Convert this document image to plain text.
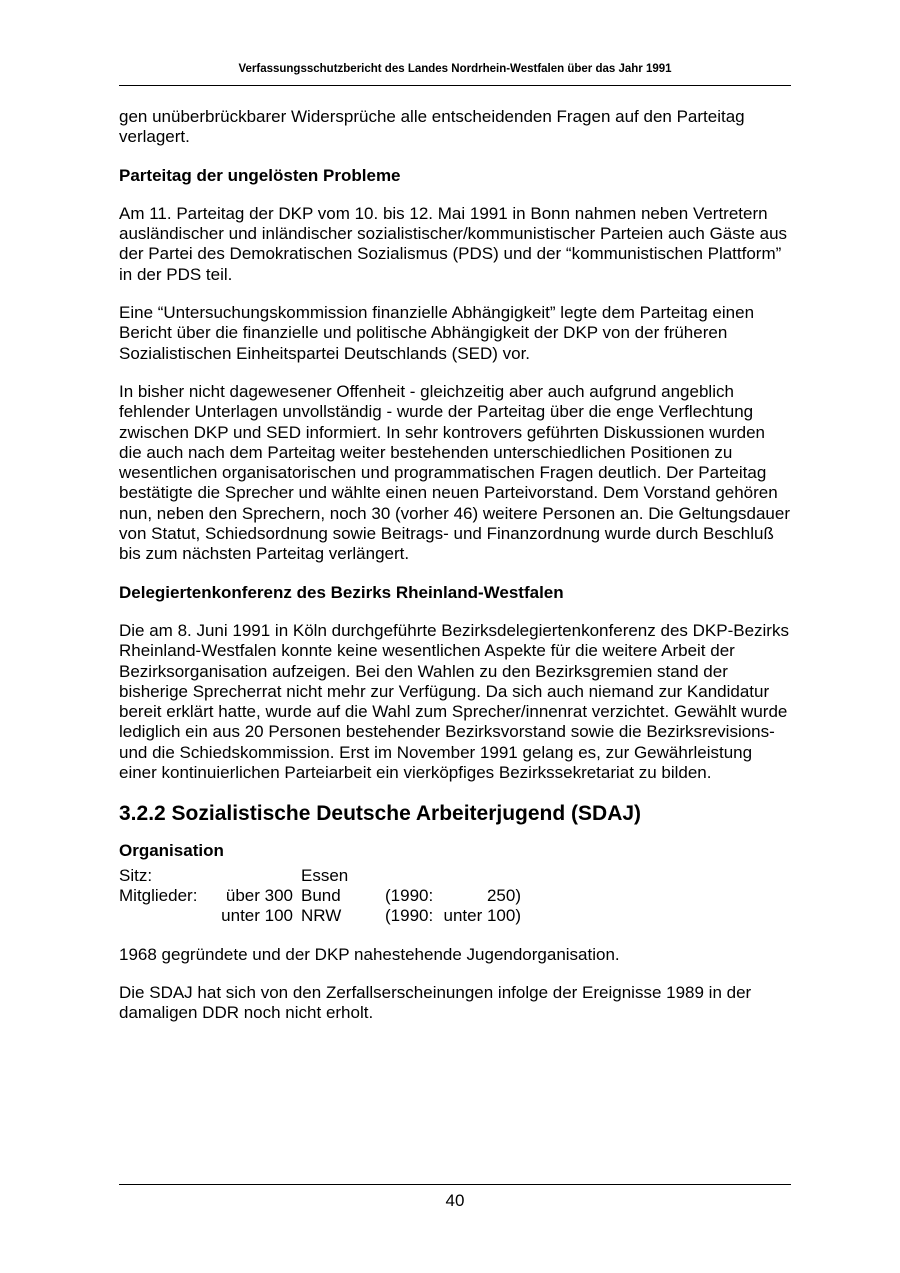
Verfassungsschutzbericht des Landes Nordrhein-Westfalen über das Jahr 1991

gen unüberbrückbarer Widersprüche alle entscheidenden Fragen auf den Parteitag verlagert.

Parteitag der ungelösten Probleme

Am 11. Parteitag der DKP vom 10. bis 12. Mai 1991 in Bonn nahmen neben Vertretern ausländischer und inländischer sozialistischer/kommunistischer Parteien auch Gäste aus der Partei des Demokratischen Sozialismus (PDS) und der “kommunistischen Plattform” in der PDS teil.

Eine “Untersuchungskommission finanzielle Abhängigkeit” legte dem Parteitag einen Bericht über die finanzielle und politische Abhängigkeit der DKP von der früheren Sozialistischen Einheitspartei Deutschlands (SED) vor.

In bisher nicht dagewesener Offenheit - gleichzeitig aber auch aufgrund angeblich fehlender Unterlagen unvollständig - wurde der Parteitag über die enge Verflechtung zwischen DKP und SED informiert. In sehr kontrovers geführten Diskussionen wurden die auch nach dem Parteitag weiter bestehenden unterschiedlichen Positionen zu wesentlichen organisatorischen und programmatischen Fragen deutlich. Der Parteitag bestätigte die Sprecher und wählte einen neuen Parteivorstand. Dem Vorstand gehören nun, neben den Sprechern, noch 30 (vorher 46) weitere Personen an. Die Geltungsdauer von Statut, Schiedsordnung sowie Beitrags- und Finanzordnung wurde durch Beschluß bis zum nächsten Parteitag verlängert.

Delegiertenkonferenz des Bezirks Rheinland-Westfalen

Die am 8. Juni 1991 in Köln durchgeführte Bezirksdelegiertenkonferenz des DKP-Bezirks Rheinland-Westfalen konnte keine wesentlichen Aspekte für die weitere Arbeit der Bezirksorganisation aufzeigen. Bei den Wahlen zu den Bezirksgremien stand der bisherige Sprecherrat nicht mehr zur Verfügung. Da sich auch niemand zur Kandidatur bereit erklärt hatte, wurde auf die Wahl zum Sprecher/innenrat verzichtet. Gewählt wurde lediglich ein aus 20 Personen bestehender Bezirksvorstand sowie die Bezirksrevisions- und die Schiedskommission. Erst im November 1991 gelang es, zur Gewährleistung einer kontinuierlichen Parteiarbeit ein vierköpfiges Bezirkssekretariat zu bilden.

3.2.2 Sozialistische Deutsche Arbeiterjugend (SDAJ)
Organisation
Sitz:		Essen		
Mitglieder:	über 300	Bund	(1990:	250)
	unter 100	NRW	(1990:	unter 100)

1968 gegründete und der DKP nahestehende Jugendorganisation.

Die SDAJ hat sich von den Zerfallserscheinungen infolge der Ereignisse 1989 in der damaligen DDR noch nicht erholt.

40
